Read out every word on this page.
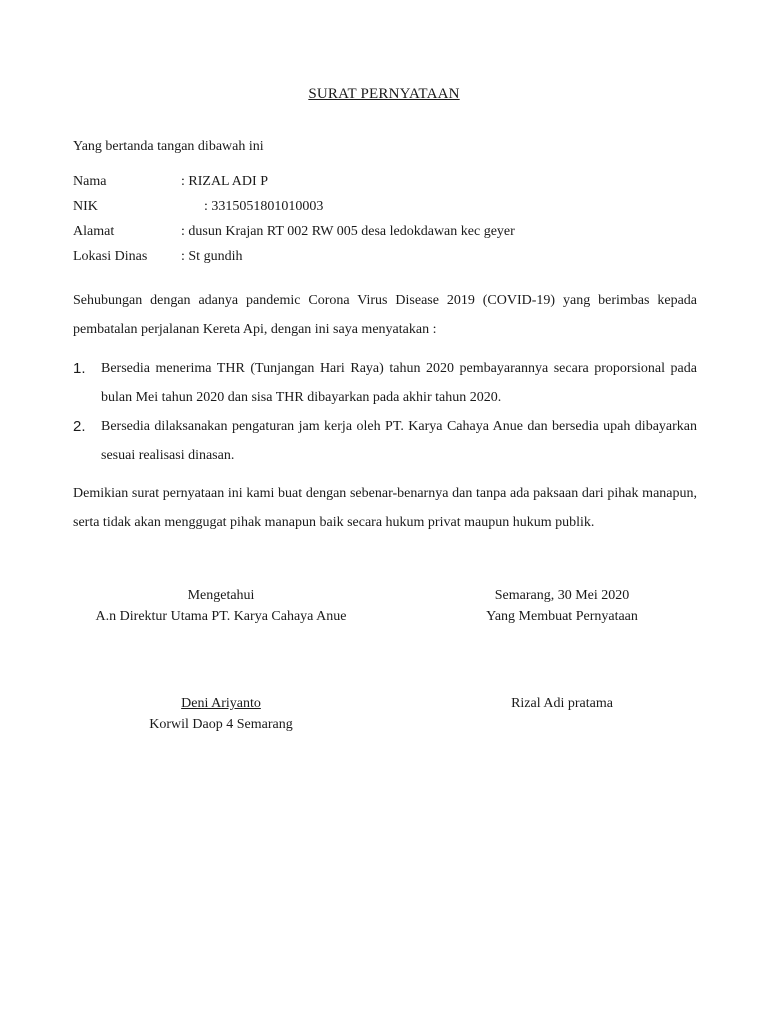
SURAT PERNYATAAN
Yang bertanda tangan dibawah ini
Nama	: RIZAL ADI P
NIK	: 3315051801010003
Alamat	: dusun Krajan RT 002 RW 005 desa ledokdawan kec geyer
Lokasi Dinas : St gundih
Sehubungan dengan adanya pandemic Corona Virus Disease 2019 (COVID-19) yang berimbas kepada pembatalan perjalanan Kereta Api, dengan ini saya menyatakan :
1. Bersedia menerima THR (Tunjangan Hari Raya) tahun 2020 pembayarannya secara proporsional pada bulan Mei tahun 2020 dan sisa THR dibayarkan pada akhir tahun 2020.
2. Bersedia dilaksanakan pengaturan jam kerja oleh PT. Karya Cahaya Anue dan bersedia upah dibayarkan sesuai realisasi dinasan.
Demikian surat pernyataan ini kami buat dengan sebenar-benarnya dan tanpa ada paksaan dari pihak manapun, serta tidak akan menggugat pihak manapun baik secara hukum privat maupun hukum publik.
Mengetahui
A.n Direktur Utama PT. Karya Cahaya Anue
Semarang, 30 Mei 2020
Yang Membuat Pernyataan
Deni Ariyanto
Korwil Daop 4 Semarang
Rizal Adi pratama
